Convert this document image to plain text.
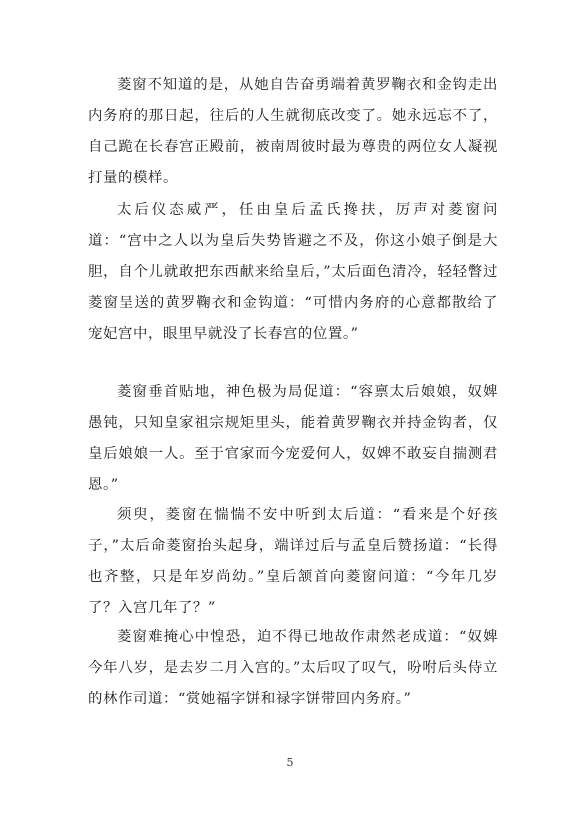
菱窗不知道的是，从她自告奋勇端着黄罗鞠衣和金钩走出内务府的那日起，往后的人生就彻底改变了。她永远忘不了，自己跪在长春宫正殿前，被南周彼时最为尊贵的两位女人凝视打量的模样。

太后仪态威严，任由皇后孟氏搀扶，厉声对菱窗问道：“宫中之人以为皇后失势皆避之不及，你这小娘子倒是大胆，自个儿就敢把东西献来给皇后，”太后面色清冷，轻轻瞥过菱窗呈送的黄罗鞠衣和金钩道：“可惜内务府的心意都散给了宠妃宫中，眼里早就没了长春宫的位置。”

菱窗垂首贴地，神色极为局促道：“容禀太后娘娘，奴婢愚钝，只知皇家祖宗规矩里头，能着黄罗鞠衣并持金钩者，仅皇后娘娘一人。至于官家而今宠爱何人，奴婢不敢妄自揣测君恩。”

须臾，菱窗在惴惴不安中听到太后道：“看来是个好孩子，”太后命菱窗抬头起身，端详过后与孟皇后赞扬道：“长得也齐整，只是年岁尚幼。”皇后颔首向菱窗问道：“今年几岁了？入宫几年了？”

菱窗难掩心中惶恐，迫不得已地故作肃然老成道：“奴婢今年八岁，是去岁二月入宫的。”太后叹了叹气，吩咐后头侍立的林作司道：“赏她福字饼和禄字饼带回内务府。”

5
